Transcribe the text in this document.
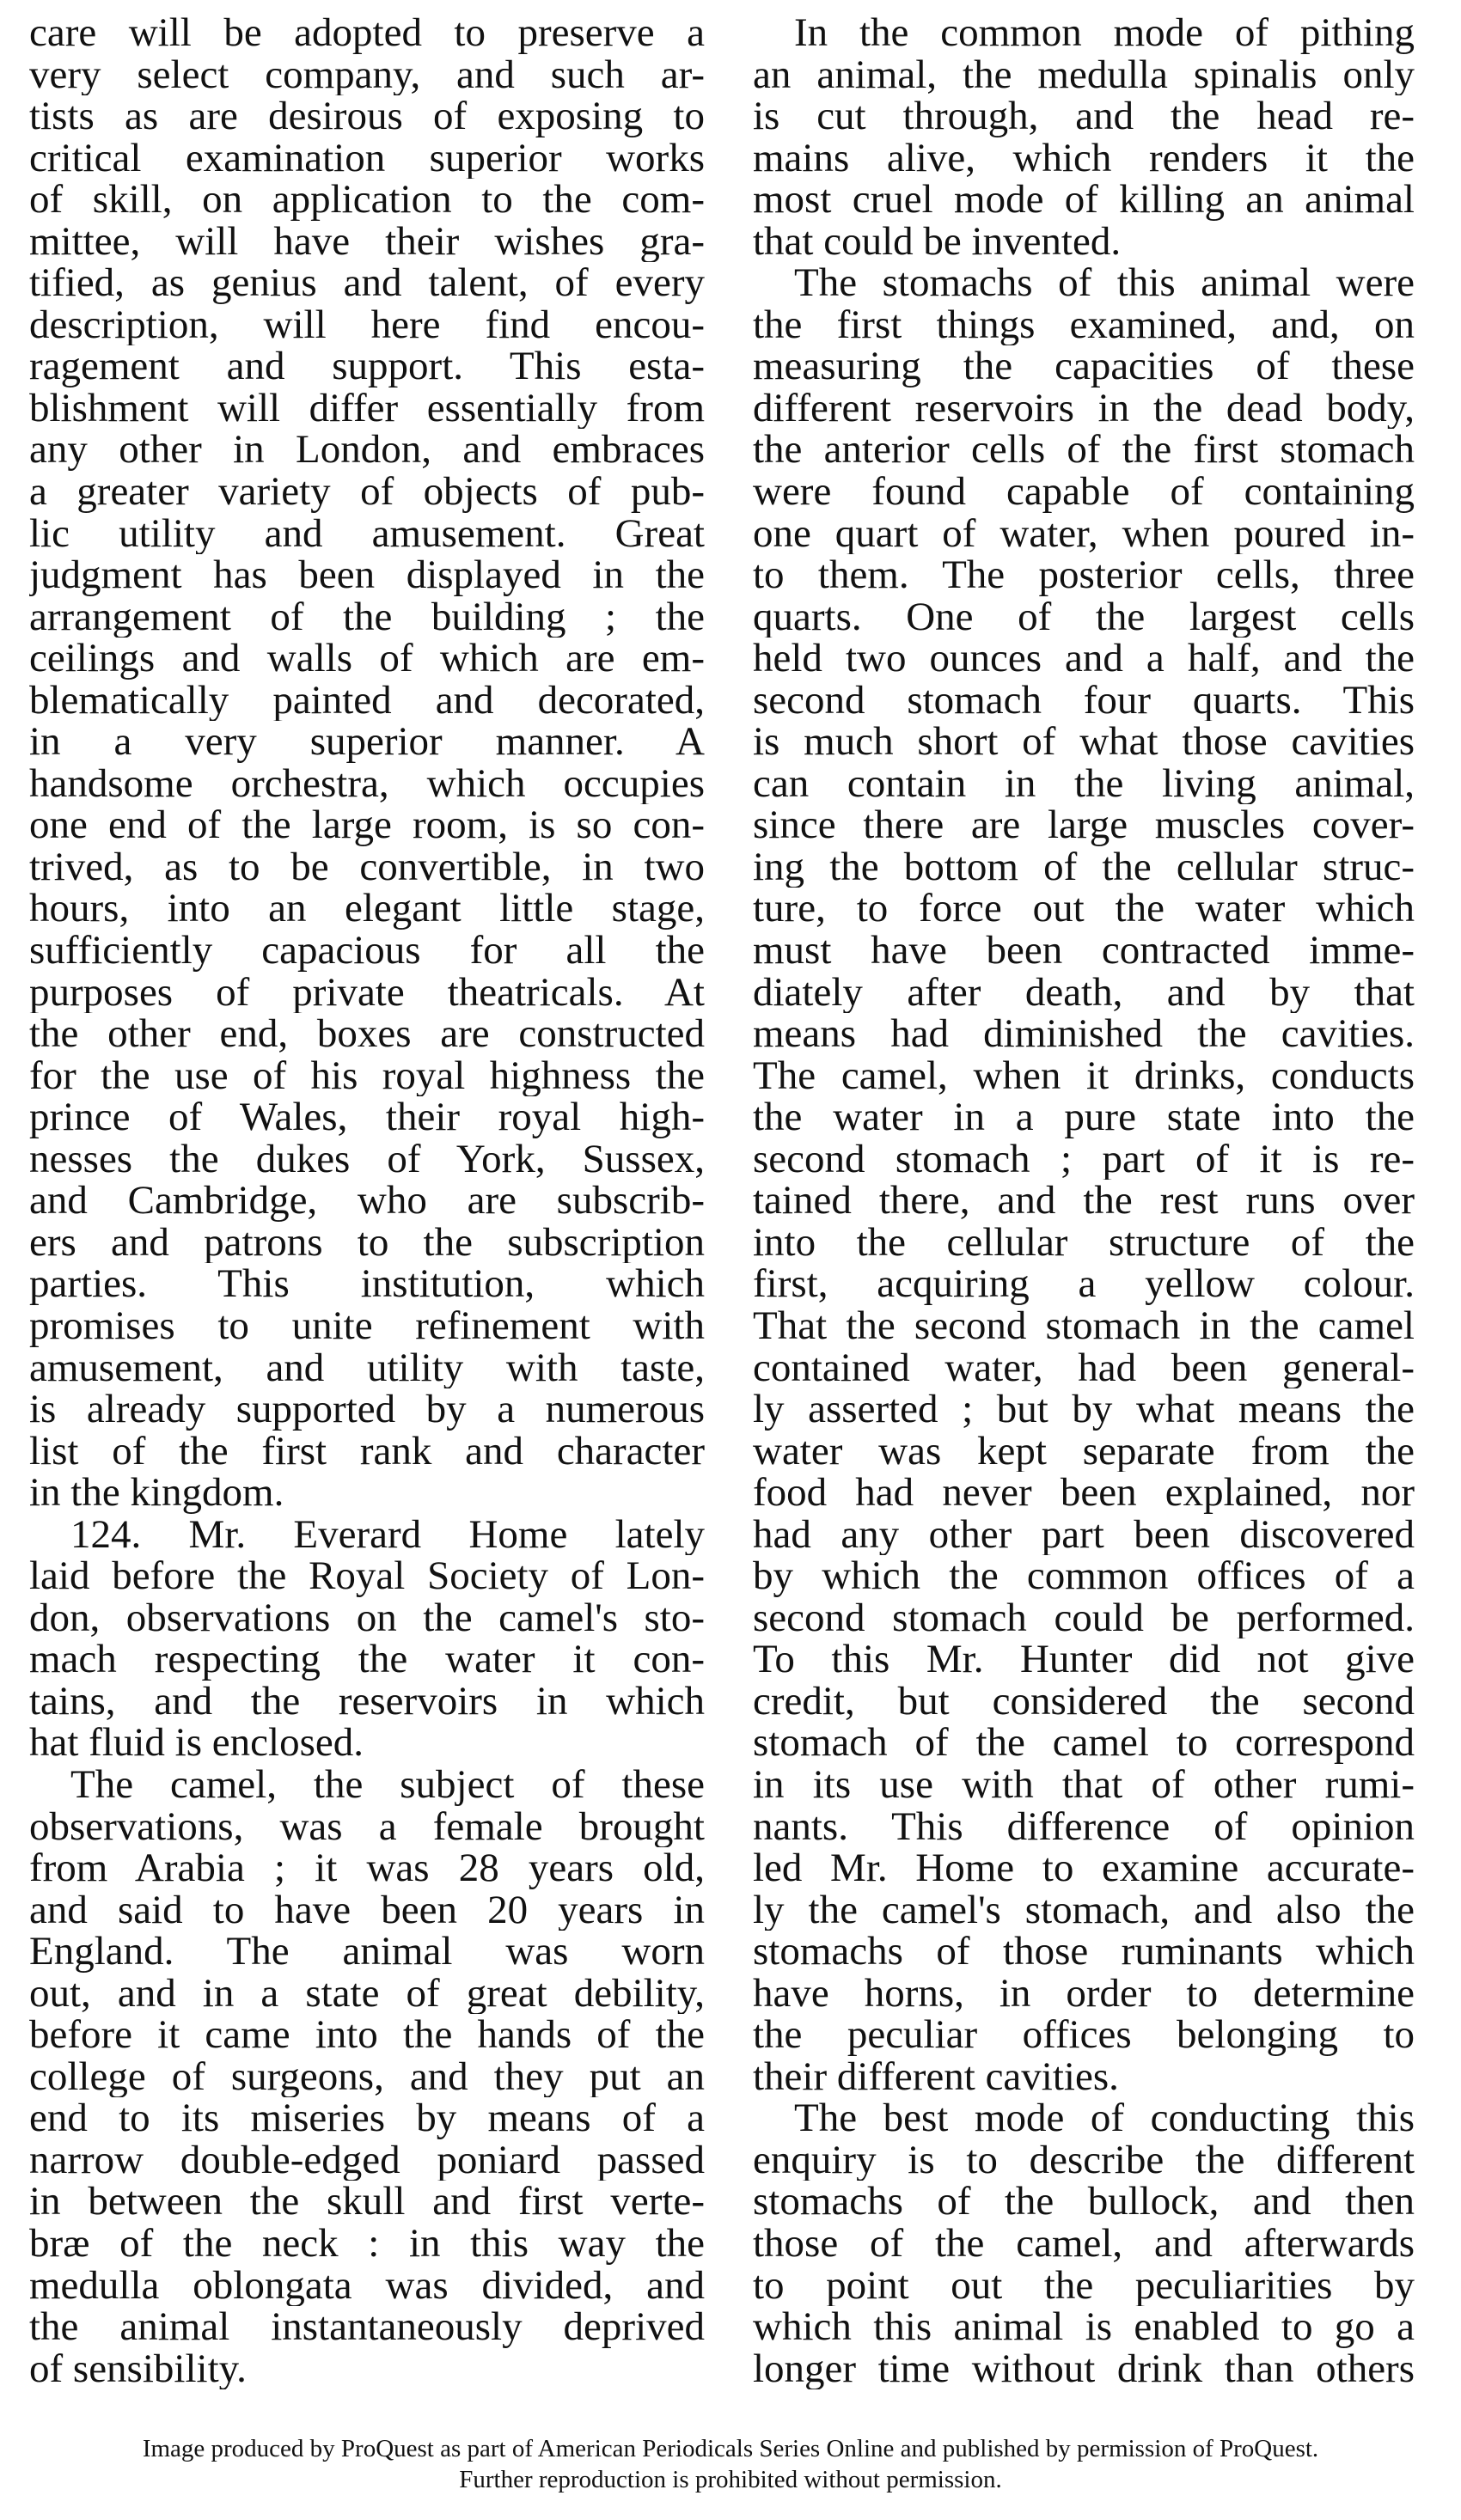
care will be adopted to preserve a
very select company, and such ar-
tists as are desirous of exposing to
critical examination superior works
of skill, on application to the com-
mittee, will have their wishes gra-
tified, as genius and talent, of every
description, will here find encou-
ragement and support. This esta-
blishment will differ essentially from
any other in London, and embraces
a greater variety of objects of pub-
lic utility and amusement. Great
judgment has been displayed in the
arrangement of the building ; the
ceilings and walls of which are em-
blematically painted and decorated,
in a very superior manner. A
handsome orchestra, which occupies
one end of the large room, is so con-
trived, as to be convertible, in two
hours, into an elegant little stage,
sufficiently capacious for all the
purposes of private theatricals. At
the other end, boxes are constructed
for the use of his royal highness the
prince of Wales, their royal high-
nesses the dukes of York, Sussex,
and Cambridge, who are subscrib-
ers and patrons to the subscription
parties. This institution, which
promises to unite refinement with
amusement, and utility with taste,
is already supported by a numerous
list of the first rank and character
in the kingdom.
124. Mr. Everard Home lately
laid before the Royal Society of Lon-
don, observations on the camel's sto-
mach respecting the water it con-
tains, and the reservoirs in which
hat fluid is enclosed.
The camel, the subject of these
observations, was a female brought
from Arabia ; it was 28 years old,
and said to have been 20 years in
England. The animal was worn
out, and in a state of great debility,
before it came into the hands of the
college of surgeons, and they put an
end to its miseries by means of a
narrow double-edged poniard passed
in between the skull and first verte-
bræ of the neck : in this way the
medulla oblongata was divided, and
the animal instantaneously deprived
of sensibility.
In the common mode of pithing
an animal, the medulla spinalis only
is cut through, and the head re-
mains alive, which renders it the
most cruel mode of killing an animal
that could be invented.
The stomachs of this animal were
the first things examined, and, on
measuring the capacities of these
different reservoirs in the dead body,
the anterior cells of the first stomach
were found capable of containing
one quart of water, when poured in-
to them. The posterior cells, three
quarts. One of the largest cells
held two ounces and a half, and the
second stomach four quarts. This
is much short of what those cavities
can contain in the living animal,
since there are large muscles cover-
ing the bottom of the cellular struc-
ture, to force out the water which
must have been contracted imme-
diately after death, and by that
means had diminished the cavities.
The camel, when it drinks, conducts
the water in a pure state into the
second stomach ; part of it is re-
tained there, and the rest runs over
into the cellular structure of the
first, acquiring a yellow colour.
That the second stomach in the camel
contained water, had been general-
ly asserted ; but by what means the
water was kept separate from the
food had never been explained, nor
had any other part been discovered
by which the common offices of a
second stomach could be performed.
To this Mr. Hunter did not give
credit, but considered the second
stomach of the camel to correspond
in its use with that of other rumi-
nants. This difference of opinion
led Mr. Home to examine accurate-
ly the camel's stomach, and also the
stomachs of those ruminants which
have horns, in order to determine
the peculiar offices belonging to
their different cavities.
The best mode of conducting this
enquiry is to describe the different
stomachs of the bullock, and then
those of the camel, and afterwards
to point out the peculiarities by
which this animal is enabled to go a
longer time without drink than others
Image produced by ProQuest as part of American Periodicals Series Online and published by permission of ProQuest.
Further reproduction is prohibited without permission.
